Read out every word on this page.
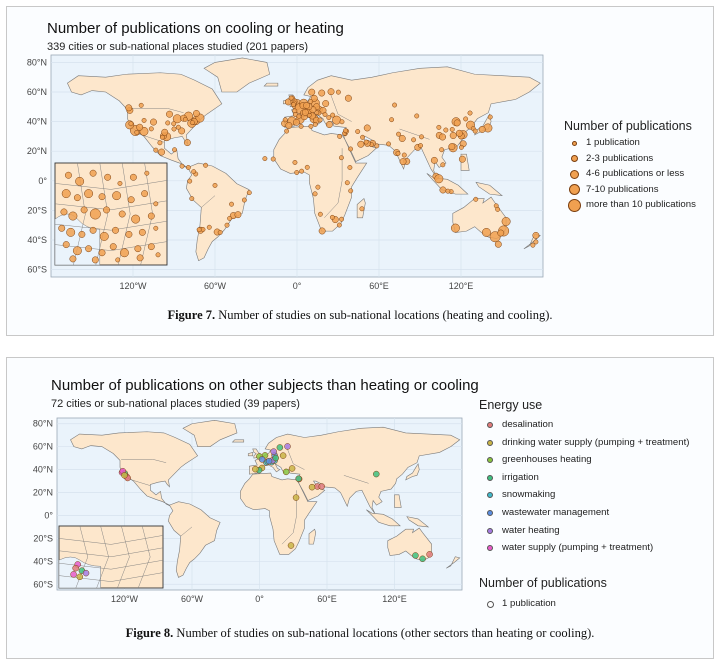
Number of publications on cooling or heating
339 cities or sub-national places studied (201 papers)
80°N
60°N
40°N
20°N
0°
20°S
40°S
60°S
120°W	60°W	0°	60°E	120°E
Number of publications
1 publication
2-3 publications
4-6 publications or less
7-10 publications
more than 10 publications
Figure 7. Number of studies on sub-national locations (heating and cooling).
Number of publications on other subjects than heating or cooling
72 cities or sub-national places studied (39 papers)
80°N
60°N
40°N
20°N
0°
20°S
40°S
60°S
120°W	60°W	0°	60°E	120°E
Energy use
desalination
drinking water supply (pumping + treatment)
greenhouses heating
irrigation
snowmaking
wastewater management
water heating
water supply (pumping + treatment)
Number of publications
1 publication
Figure 8. Number of studies on sub-national locations (other sectors than heating or cooling).
